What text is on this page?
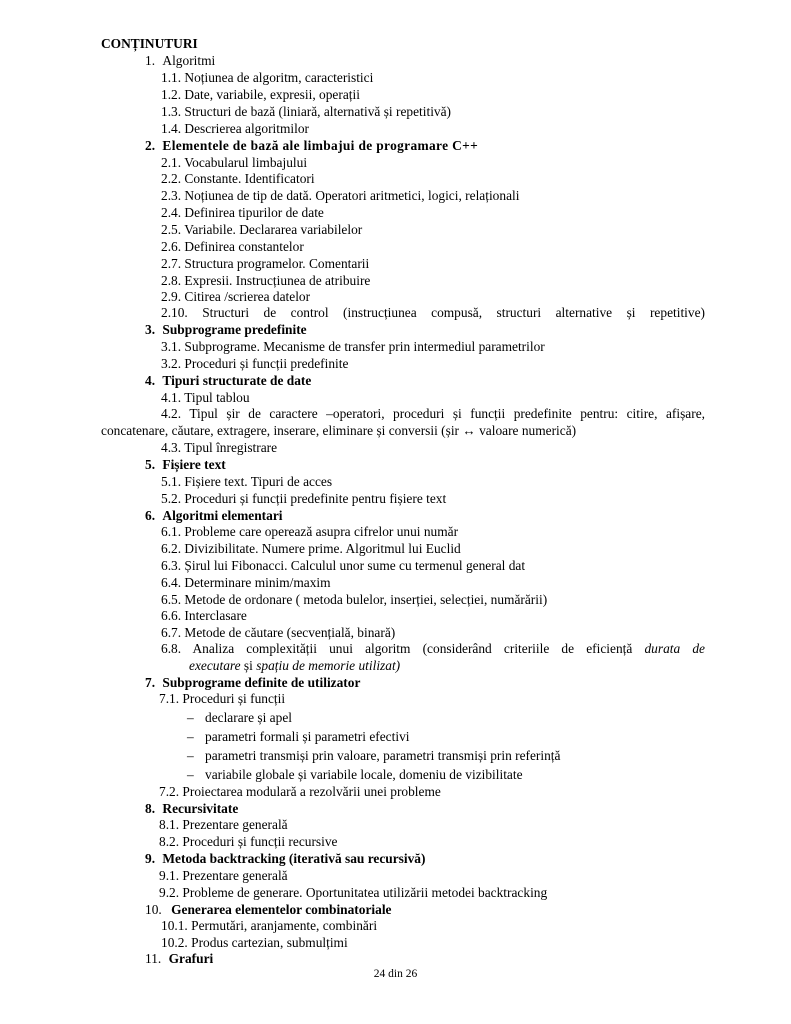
CONȚINUTURI
1. Algoritmi
1.1. Noțiunea de algoritm, caracteristici
1.2. Date, variabile, expresii, operații
1.3. Structuri de bază (liniară, alternativă și repetitivă)
1.4. Descrierea algoritmilor
2. Elementele de bază ale limbajui de programare C++
2.1. Vocabularul limbajului
2.2. Constante. Identificatori
2.3. Noțiunea de tip de dată. Operatori aritmetici, logici, relaționali
2.4. Definirea tipurilor de date
2.5. Variabile. Declararea variabilelor
2.6. Definirea constantelor
2.7. Structura programelor. Comentarii
2.8. Expresii. Instrucțiunea de atribuire
2.9. Citirea /scrierea datelor
2.10. Structuri de control (instrucțiunea compusă, structuri alternative și repetitive)
3. Subprograme predefinite
3.1. Subprograme. Mecanisme de transfer prin intermediul parametrilor
3.2. Proceduri și funcții predefinite
4. Tipuri structurate de date
4.1. Tipul tablou
4.2. Tipul șir de caractere –operatori, proceduri și funcții predefinite pentru: citire, afișare,
concatenare, căutare, extragere, inserare, eliminare și conversii (șir ↔ valoare numerică)
4.3. Tipul înregistrare
5. Fișiere text
5.1. Fișiere text. Tipuri de acces
5.2. Proceduri și funcții predefinite pentru fișiere text
6. Algoritmi elementari
6.1. Probleme care operează asupra cifrelor unui număr
6.2. Divizibilitate. Numere prime. Algoritmul lui Euclid
6.3. Șirul lui Fibonacci. Calculul unor sume cu termenul general dat
6.4. Determinare minim/maxim
6.5. Metode de ordonare ( metoda bulelor, inserției, selecției, numărării)
6.6. Interclasare
6.7. Metode de căutare (secvențială, binară)
6.8. Analiza complexității unui algoritm (considerând criteriile de eficiență durata de
executare și spațiu de memorie utilizat)
7. Subprograme definite de utilizator
7.1. Proceduri și funcții
– declarare și apel
– parametri formali și parametri efectivi
– parametri transmiși prin valoare, parametri transmiși prin referință
– variabile globale și variabile locale, domeniu de vizibilitate
7.2. Proiectarea modulară a rezolvării unei probleme
8. Recursivitate
8.1. Prezentare generală
8.2. Proceduri și funcții recursive
9. Metoda backtracking (iterativă sau recursivă)
9.1. Prezentare generală
9.2. Probleme de generare. Oportunitatea utilizării metodei backtracking
10. Generarea elementelor combinatoriale
10.1. Permutări, aranjamente, combinări
10.2. Produs cartezian, submulțimi
11. Grafuri
24 din 26
